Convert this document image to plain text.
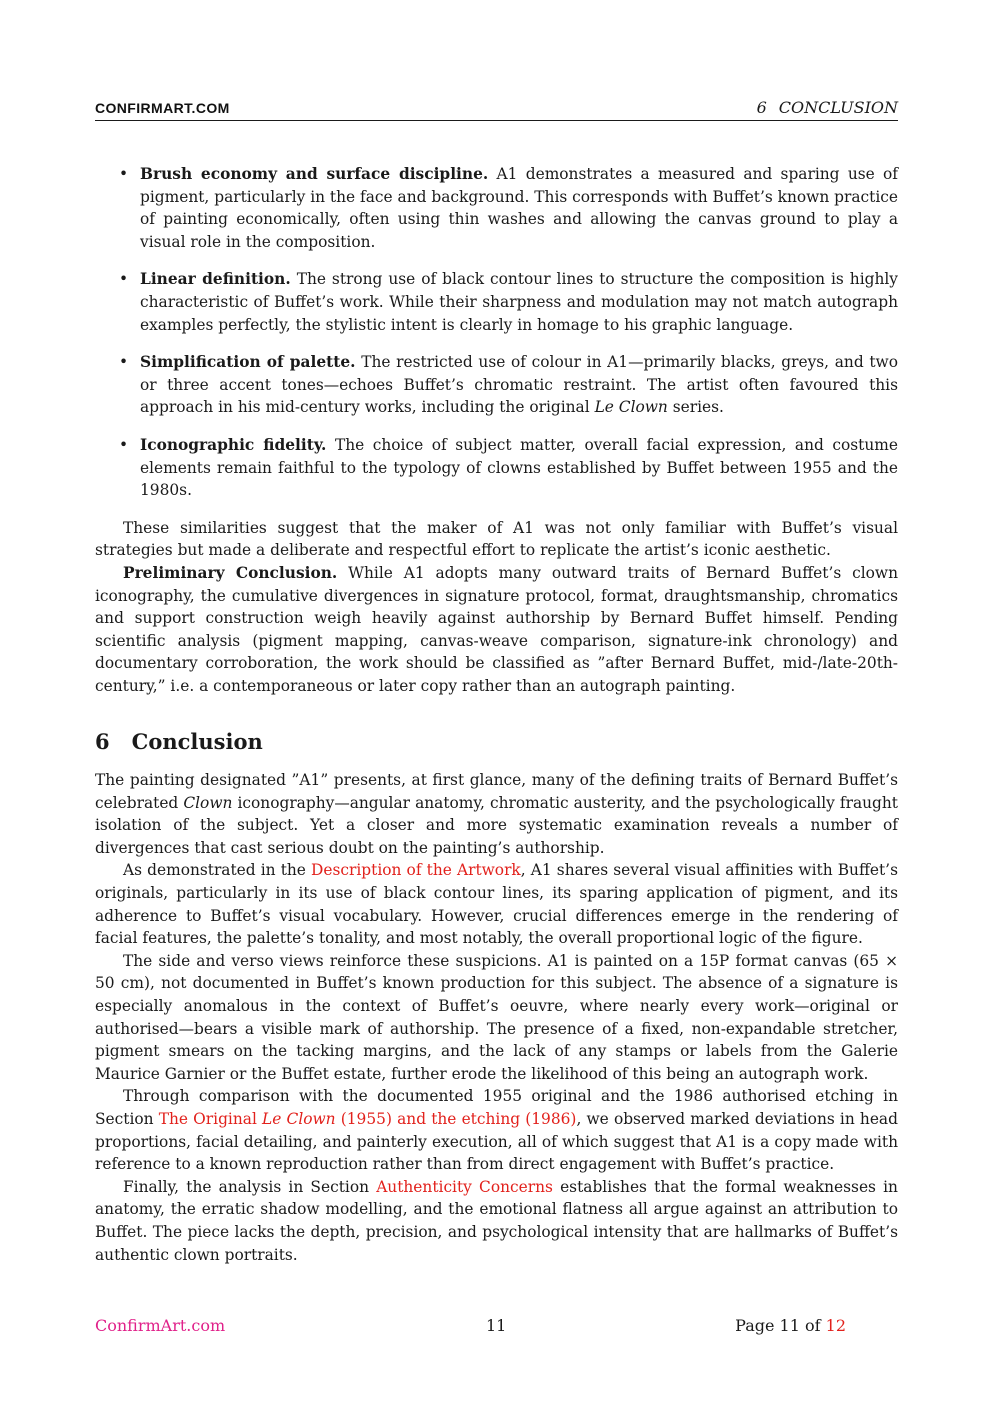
CONFIRMART.COM	6 CONCLUSION
• Brush economy and surface discipline. A1 demonstrates a measured and sparing use of pigment, particularly in the face and background. This corresponds with Buffet’s known practice of painting economically, often using thin washes and allowing the canvas ground to play a visual role in the composition.
• Linear definition. The strong use of black contour lines to structure the composition is highly characteristic of Buffet’s work. While their sharpness and modulation may not match autograph examples perfectly, the stylistic intent is clearly in homage to his graphic language.
• Simplification of palette. The restricted use of colour in A1—primarily blacks, greys, and two or three accent tones—echoes Buffet’s chromatic restraint. The artist often favoured this approach in his mid-century works, including the original Le Clown series.
• Iconographic fidelity. The choice of subject matter, overall facial expression, and costume elements remain faithful to the typology of clowns established by Buffet between 1955 and the 1980s.

These similarities suggest that the maker of A1 was not only familiar with Buffet’s visual strategies but made a deliberate and respectful effort to replicate the artist’s iconic aesthetic.

Preliminary Conclusion. While A1 adopts many outward traits of Bernard Buffet’s clown iconography, the cumulative divergences in signature protocol, format, draughtsmanship, chromatics and support construction weigh heavily against authorship by Bernard Buffet himself. Pending scientific analysis (pigment mapping, canvas-weave comparison, signature-ink chronology) and documentary corroboration, the work should be classified as ”after Bernard Buffet, mid-/late-20th-century,” i.e. a contemporaneous or later copy rather than an autograph painting.

6 Conclusion

The painting designated ”A1” presents, at first glance, many of the defining traits of Bernard Buffet’s celebrated Clown iconography—angular anatomy, chromatic austerity, and the psychologically fraught isolation of the subject. Yet a closer and more systematic examination reveals a number of divergences that cast serious doubt on the painting’s authorship.

As demonstrated in the Description of the Artwork, A1 shares several visual affinities with Buffet’s originals, particularly in its use of black contour lines, its sparing application of pigment, and its adherence to Buffet’s visual vocabulary. However, crucial differences emerge in the rendering of facial features, the palette’s tonality, and most notably, the overall proportional logic of the figure.

The side and verso views reinforce these suspicions. A1 is painted on a 15P format canvas (65 × 50 cm), not documented in Buffet’s known production for this subject. The absence of a signature is especially anomalous in the context of Buffet’s oeuvre, where nearly every work—original or authorised—bears a visible mark of authorship. The presence of a fixed, non-expandable stretcher, pigment smears on the tacking margins, and the lack of any stamps or labels from the Galerie Maurice Garnier or the Buffet estate, further erode the likelihood of this being an autograph work.

Through comparison with the documented 1955 original and the 1986 authorised etching in Section The Original Le Clown (1955) and the etching (1986), we observed marked deviations in head proportions, facial detailing, and painterly execution, all of which suggest that A1 is a copy made with reference to a known reproduction rather than from direct engagement with Buffet’s practice.

Finally, the analysis in Section Authenticity Concerns establishes that the formal weaknesses in anatomy, the erratic shadow modelling, and the emotional flatness all argue against an attribution to Buffet. The piece lacks the depth, precision, and psychological intensity that are hallmarks of Buffet’s authentic clown portraits.

ConfirmArt.com	11	Page 11 of 12
